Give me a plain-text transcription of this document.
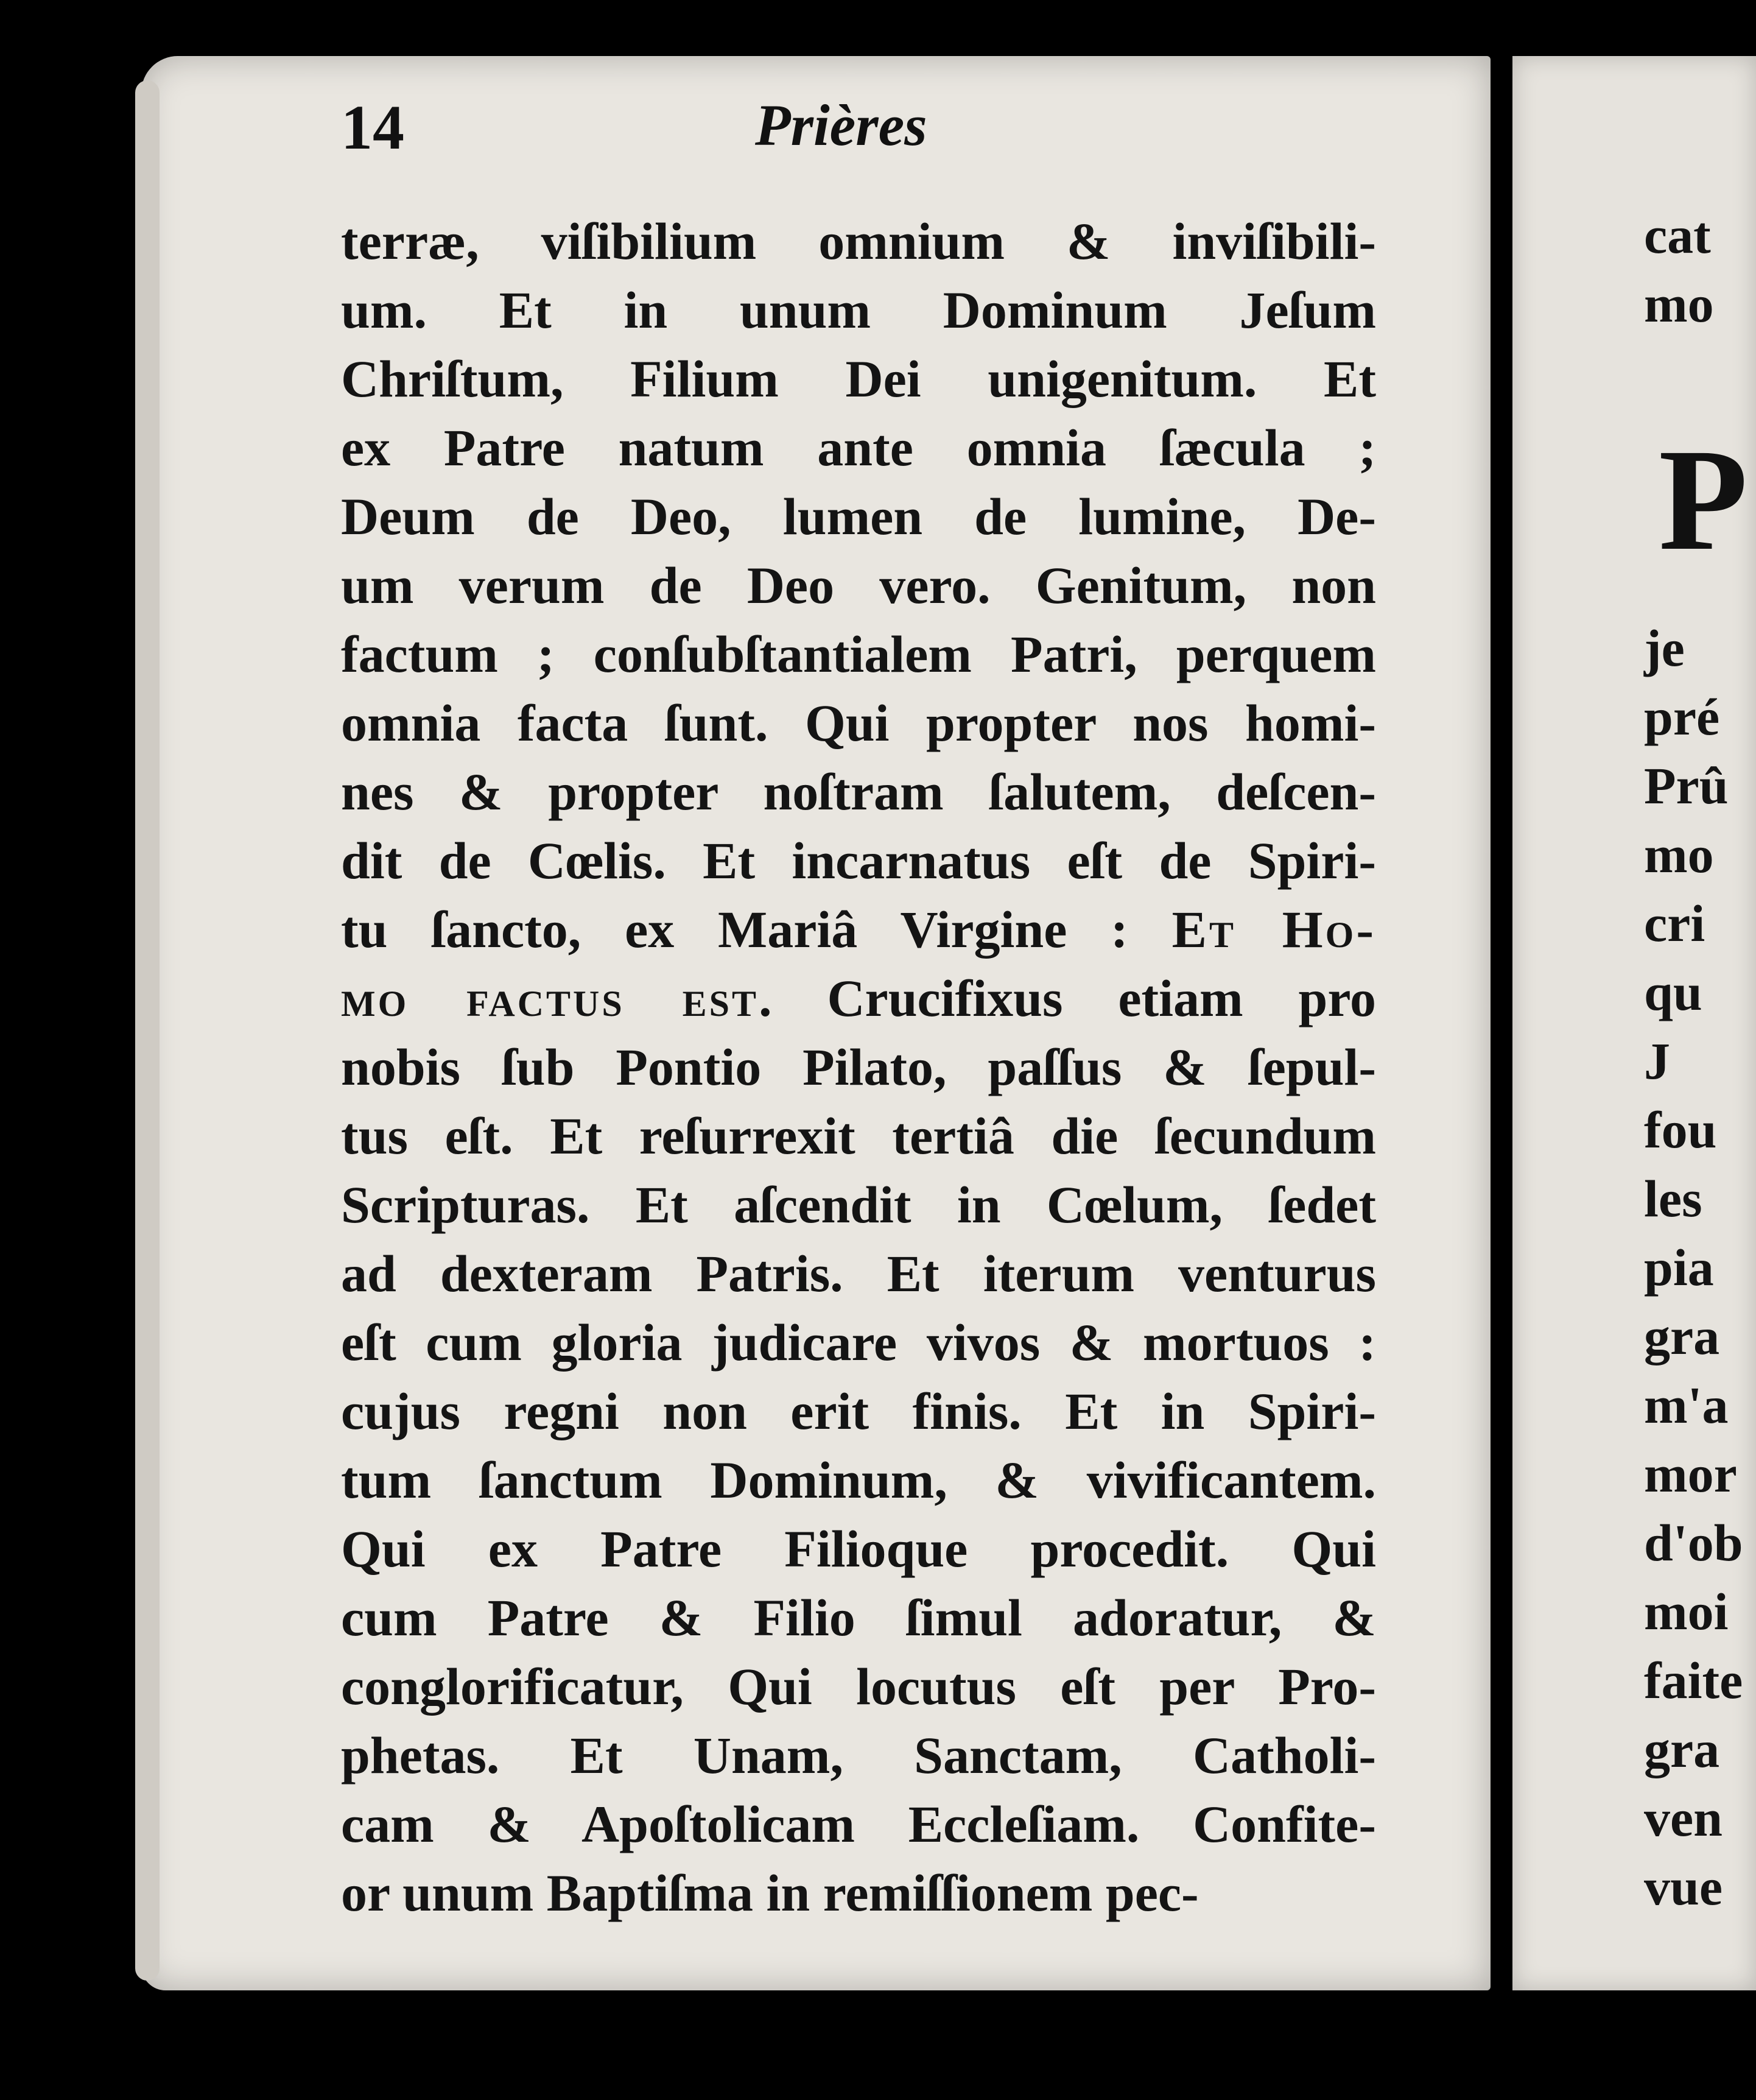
14	Prières
terræ, viſibilium omnium & inviſibili-
um. Et in unum Dominum Jeſum
Chriſtum, Filium Dei unigenitum. Et
ex Patre natum ante omnia ſæcula ;
Deum de Deo, lumen de lumine, De-
um verum de Deo vero. Genitum, non
factum ; conſubſtantialem Patri, perquem
omnia facta ſunt. Qui propter nos homi-
nes & propter noſtram ſalutem, deſcen-
dit de Cœlis. Et incarnatus eſt de Spiri-
tu ſancto, ex Mariâ Virgine : Et Ho-
mo factus est. Crucifixus etiam pro
nobis ſub Pontio Pilato, paſſus & ſepul-
tus eſt. Et reſurrexit tertiâ die ſecundum
Scripturas. Et aſcendit in Cœlum, ſedet
ad dexteram Patris. Et iterum venturus
eſt cum gloria judicare vivos & mortuos :
cujus regni non erit finis. Et in Spiri-
tum ſanctum Dominum, & vivificantem.
Qui ex Patre Filioque procedit. Qui
cum Patre & Filio ſimul adoratur, &
conglorificatur, Qui locutus eſt per Pro-
phetas. Et Unam, Sanctam, Catholi-
cam & Apoſtolicam Eccleſiam. Confite-
or unum Baptiſma in remiſſionem pec-
P
cat
mo
je
pré
Prû
mo
cri
qu
J
fou
les
pia
gra
m'a
mor
d'ob
moi
faite
gra
ven
vue
